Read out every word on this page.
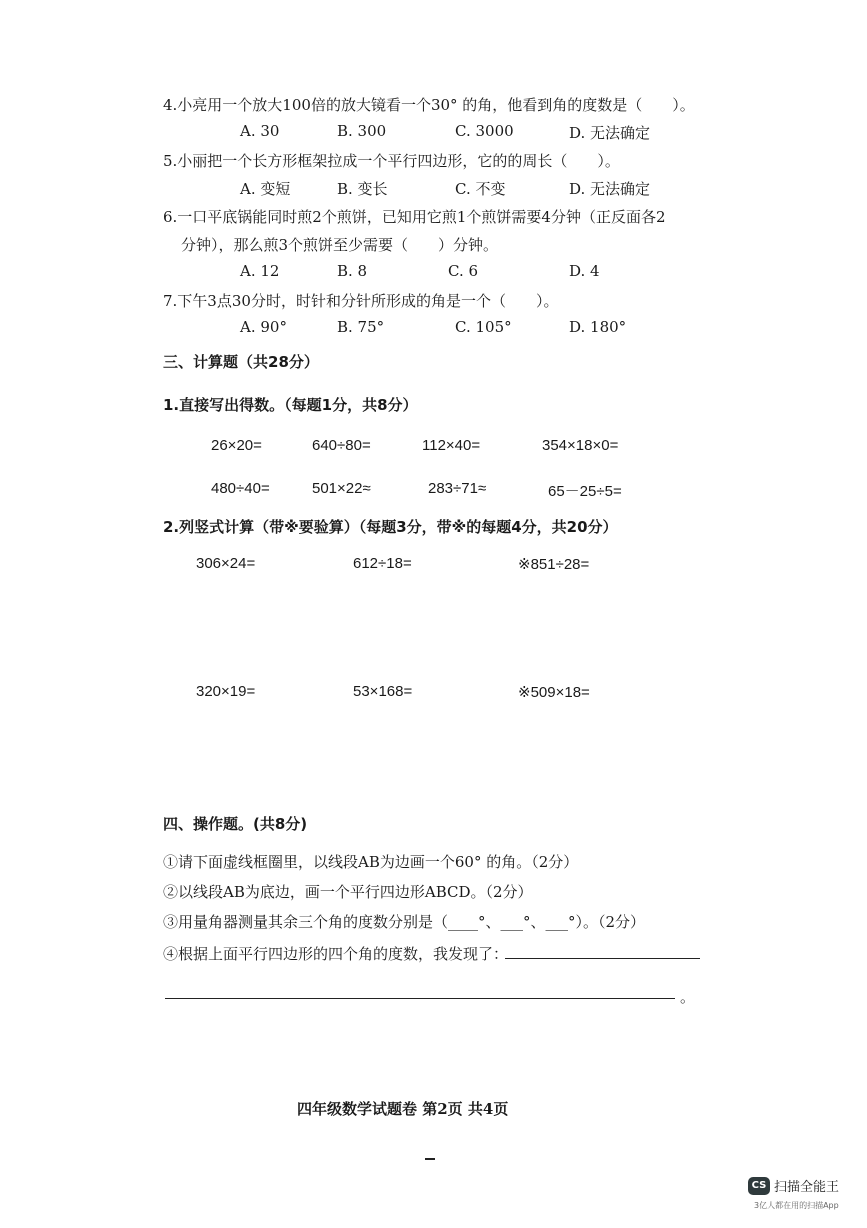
4.小亮用一个放大100倍的放大镜看一个30° 的角，他看到角的度数是（　　）。
A. 30	B. 300	C. 3000	D. 无法确定
5.小丽把一个长方形框架拉成一个平行四边形，它的的周长（　　）。
A. 变短	B. 变长	C. 不变	D. 无法确定
6.一口平底锅能同时煎2个煎饼，已知用它煎1个煎饼需要4分钟（正反面各2
分钟），那么煎3个煎饼至少需要（　　）分钟。
A. 12	B. 8	C. 6	D. 4
7.下午3点30分时，时针和分针所形成的角是一个（　　）。
A. 90°	B. 75°	C. 105°	D. 180°
三、计算题（共28分）
1.直接写出得数。（每题1分，共8分）
26×20=	640÷80=	112×40=	354×18×0=
480÷40=	501×22≈	283÷71≈	65－25÷5=
2.列竖式计算（带※要验算）（每题3分，带※的每题4分，共20分）
306×24=	612÷18=	※851÷28=
320×19=	53×168=	※509×18=
四、操作题。(共8分)
①请下面虚线框圈里，以线段AB为边画一个60° 的角。（2分）
②以线段AB为底边，画一个平行四边形ABCD。（2分）
③用量角器测量其余三个角的度数分别是（____°、___°、___°）。（2分）
④根据上面平行四边形的四个角的度数，我发现了：
。
四年级数学试题卷 第2页 共4页
CS 扫描全能王
3亿人都在用的扫描App
